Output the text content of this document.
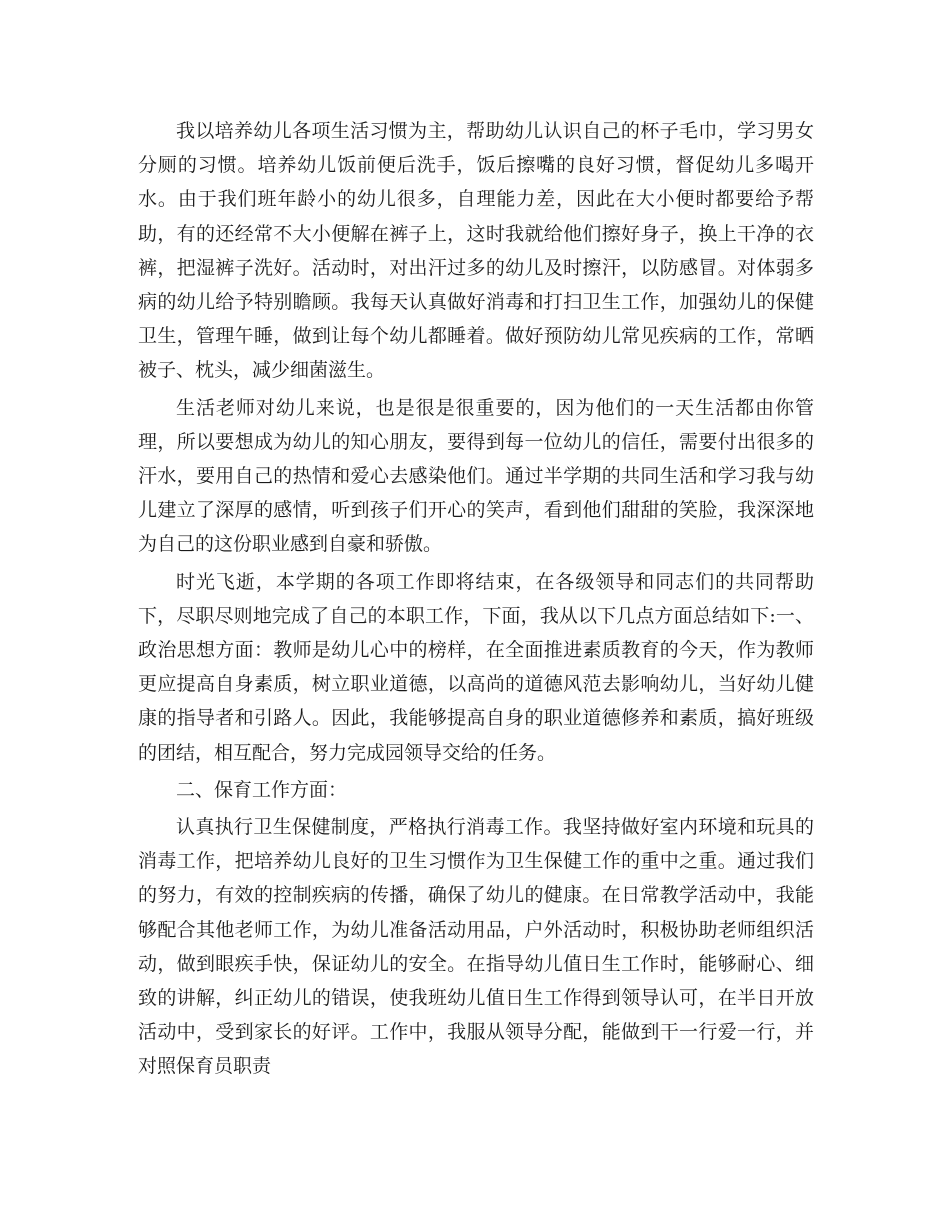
我以培养幼儿各项生活习惯为主，帮助幼儿认识自己的杯子毛巾，学习男女分厕的习惯。培养幼儿饭前便后洗手，饭后擦嘴的良好习惯，督促幼儿多喝开水。由于我们班年龄小的幼儿很多，自理能力差，因此在大小便时都要给予帮助，有的还经常不大小便解在裤子上，这时我就给他们擦好身子，换上干净的衣裤，把湿裤子洗好。活动时，对出汗过多的幼儿及时擦汗，以防感冒。对体弱多病的幼儿给予特别瞻顾。我每天认真做好消毒和打扫卫生工作，加强幼儿的保健卫生，管理午睡，做到让每个幼儿都睡着。做好预防幼儿常见疾病的工作，常晒被子、枕头，减少细菌滋生。

生活老师对幼儿来说，也是很是很重要的，因为他们的一天生活都由你管理，所以要想成为幼儿的知心朋友，要得到每一位幼儿的信任，需要付出很多的汗水，要用自己的热情和爱心去感染他们。通过半学期的共同生活和学习我与幼儿建立了深厚的感情，听到孩子们开心的笑声，看到他们甜甜的笑脸，我深深地为自己的这份职业感到自豪和骄傲。

时光飞逝，本学期的各项工作即将结束，在各级领导和同志们的共同帮助下，尽职尽则地完成了自己的本职工作，下面，我从以下几点方面总结如下:一、政治思想方面：教师是幼儿心中的榜样，在全面推进素质教育的今天，作为教师更应提高自身素质，树立职业道德，以高尚的道德风范去影响幼儿，当好幼儿健康的指导者和引路人。因此，我能够提高自身的职业道德修养和素质，搞好班级的团结，相互配合，努力完成园领导交给的任务。

二、保育工作方面：

认真执行卫生保健制度，严格执行消毒工作。我坚持做好室内环境和玩具的消毒工作，把培养幼儿良好的卫生习惯作为卫生保健工作的重中之重。通过我们的努力，有效的控制疾病的传播，确保了幼儿的健康。在日常教学活动中，我能够配合其他老师工作，为幼儿准备活动用品，户外活动时，积极协助老师组织活动，做到眼疾手快，保证幼儿的安全。在指导幼儿值日生工作时，能够耐心、细致的讲解，纠正幼儿的错误，使我班幼儿值日生工作得到领导认可，在半日开放活动中，受到家长的好评。工作中，我服从领导分配，能做到干一行爱一行，并对照保育员职责
